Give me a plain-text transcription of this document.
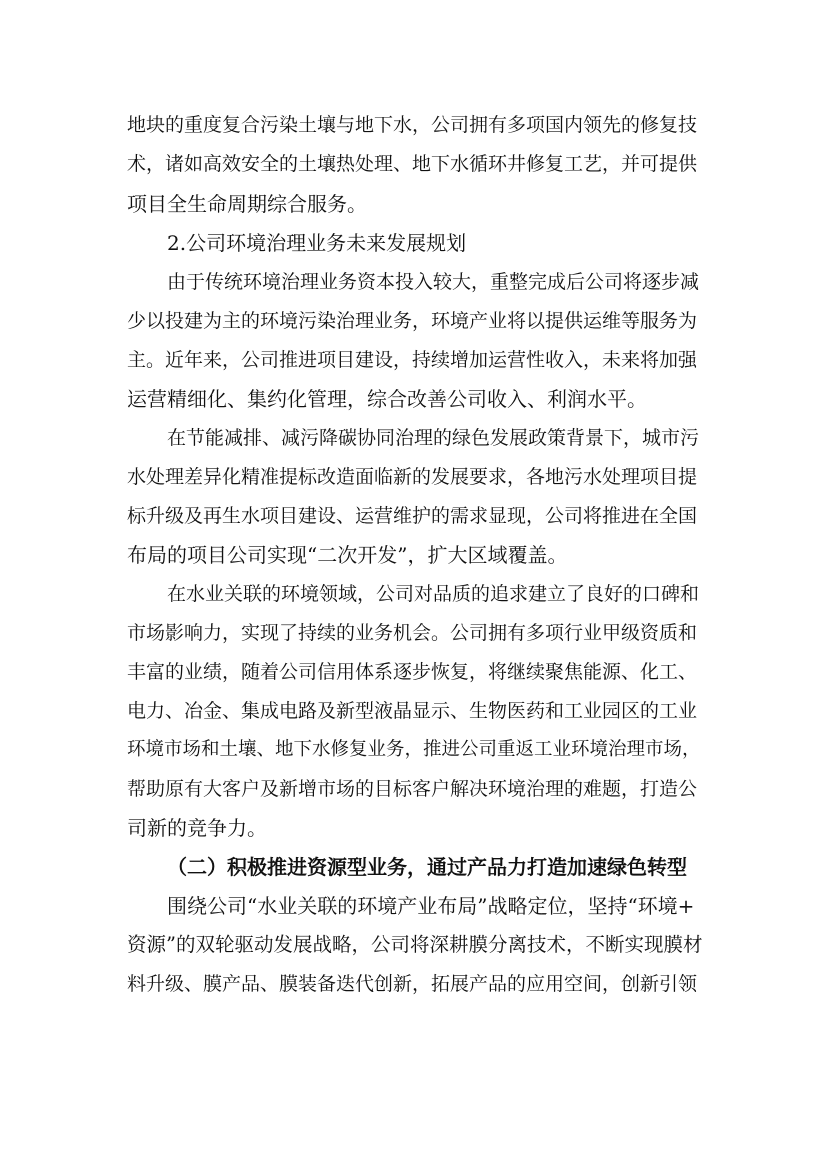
地块的重度复合污染土壤与地下水，公司拥有多项国内领先的修复技
术，诸如高效安全的土壤热处理、地下水循环井修复工艺，并可提供
项目全生命周期综合服务。
2.公司环境治理业务未来发展规划
由于传统环境治理业务资本投入较大，重整完成后公司将逐步减
少以投建为主的环境污染治理业务，环境产业将以提供运维等服务为
主。近年来，公司推进项目建设，持续增加运营性收入，未来将加强
运营精细化、集约化管理，综合改善公司收入、利润水平。
在节能减排、减污降碳协同治理的绿色发展政策背景下，城市污
水处理差异化精准提标改造面临新的发展要求，各地污水处理项目提
标升级及再生水项目建设、运营维护的需求显现，公司将推进在全国
布局的项目公司实现“二次开发”，扩大区域覆盖。
在水业关联的环境领域，公司对品质的追求建立了良好的口碑和
市场影响力，实现了持续的业务机会。公司拥有多项行业甲级资质和
丰富的业绩，随着公司信用体系逐步恢复，将继续聚焦能源、化工、
电力、冶金、集成电路及新型液晶显示、生物医药和工业园区的工业
环境市场和土壤、地下水修复业务，推进公司重返工业环境治理市场，
帮助原有大客户及新增市场的目标客户解决环境治理的难题，打造公
司新的竞争力。
（二）积极推进资源型业务，通过产品力打造加速绿色转型
围绕公司“水业关联的环境产业布局”战略定位，坚持“环境+
资源”的双轮驱动发展战略，公司将深耕膜分离技术，不断实现膜材
料升级、膜产品、膜装备迭代创新，拓展产品的应用空间，创新引领
